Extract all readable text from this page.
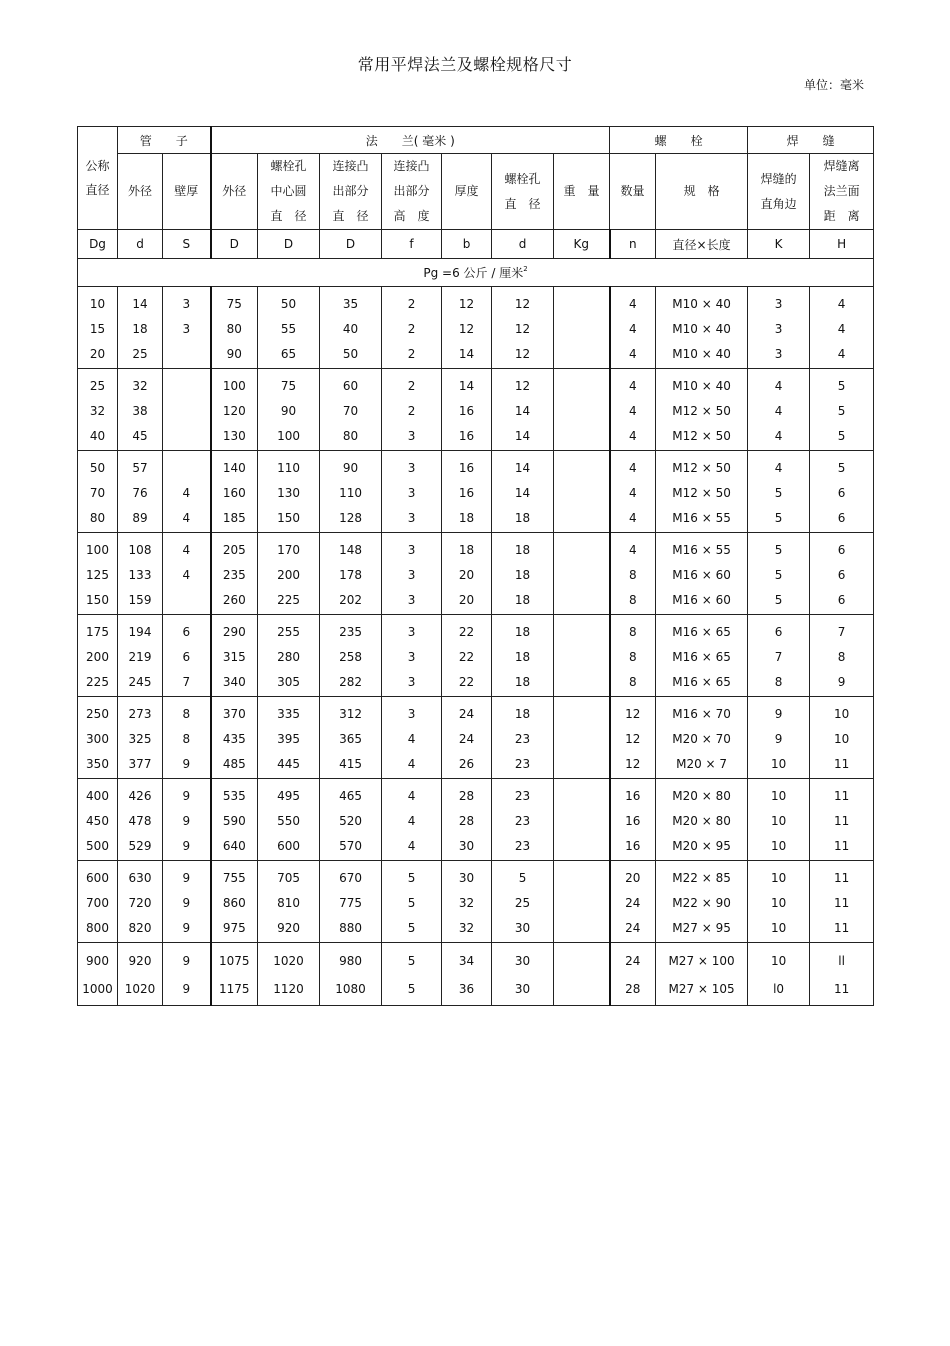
常用平焊法兰及螺栓规格尺寸
单位：毫米
公称
直径	管　　子		法　　兰( 毫米 )							螺　　栓		焊　　缝	
	外径	壁厚	外径	螺栓孔
中心圆
直　径	连接凸
出部分
直　径	连接凸
出部分
高　度	厚度	螺栓孔
直　径	重　量	数量	规　格	焊缝的
直角边	焊缝离
法兰面
距　离
Dg	d	S	D	D	D	f	b	d	Kg	n	直径×长度	K	H
Pg =6 公斤 / 厘米$^2$
10	14	3	75	50	35	2	12	12		4	M10 × 40	3	4
15	18	3	80	55	40	2	12	12		4	M10 × 40	3	4
20	25		90	65	50	2	14	12		4	M10 × 40	3	4
25	32		100	75	60	2	14	12		4	M10 × 40	4	5
32	38		120	90	70	2	16	14		4	M12 × 50	4	5
40	45		130	100	80	3	16	14		4	M12 × 50	4	5
50	57		140	110	90	3	16	14		4	M12 × 50	4	5
70	76	4	160	130	110	3	16	14		4	M12 × 50	5	6
80	89	4	185	150	128	3	18	18		4	M16 × 55	5	6
100	108	4	205	170	148	3	18	18		4	M16 × 55	5	6
125	133	4	235	200	178	3	20	18		8	M16 × 60	5	6
150	159		260	225	202	3	20	18		8	M16 × 60	5	6
175	194	6	290	255	235	3	22	18		8	M16 × 65	6	7
200	219	6	315	280	258	3	22	18		8	M16 × 65	7	8
225	245	7	340	305	282	3	22	18		8	M16 × 65	8	9
250	273	8	370	335	312	3	24	18		12	M16 × 70	9	10
300	325	8	435	395	365	4	24	23		12	M20 × 70	9	10
350	377	9	485	445	415	4	26	23		12	M20 × 7	10	11
400	426	9	535	495	465	4	28	23		16	M20 × 80	10	11
450	478	9	590	550	520	4	28	23		16	M20 × 80	10	11
500	529	9	640	600	570	4	30	23		16	M20 × 95	10	11
600	630	9	755	705	670	5	30	5		20	M22 × 85	10	11
700	720	9	860	810	775	5	32	25		24	M22 × 90	10	11
800	820	9	975	920	880	5	32	30		24	M27 × 95	10	11
900	920	9	1075	1020	980	5	34	30		24	M27 × 100	10	ll
1000	1020	9	1175	1120	1080	5	36	30		28	M27 × 105	l0	11
